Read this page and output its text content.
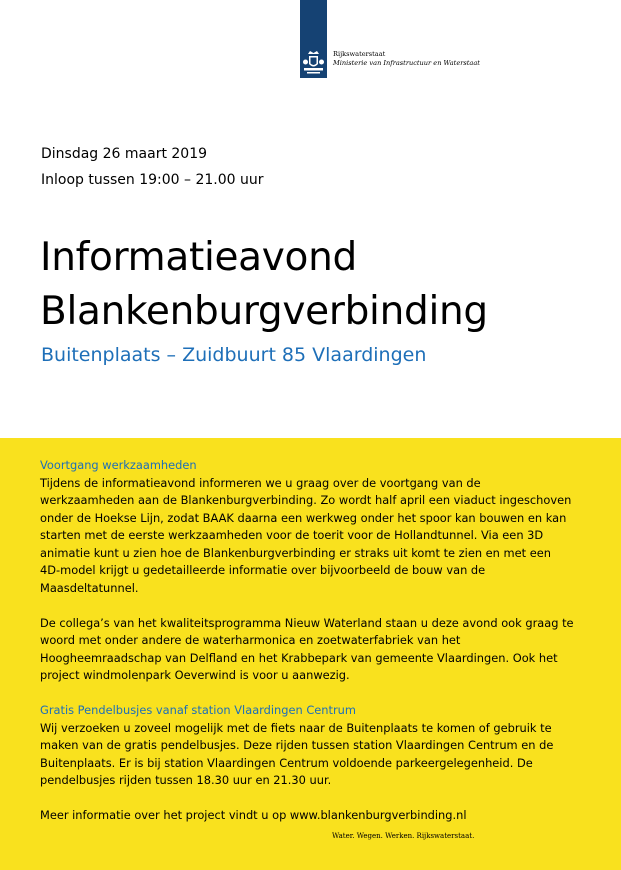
Rijkswaterstaat
Ministerie van Infrastructuur en Waterstaat
Dinsdag 26 maart 2019
Inloop tussen 19:00 – 21.00 uur
Informatieavond
Blankenburgverbinding
Buitenplaats – Zuidbuurt 85 Vlaardingen
Voortgang werkzaamheden
Tijdens de informatieavond informeren we u graag over de voortgang van de
werkzaamheden aan de Blankenburgverbinding. Zo wordt half april een viaduct ingeschoven
onder de Hoekse Lijn, zodat BAAK daarna een werkweg onder het spoor kan bouwen en kan
starten met de eerste werkzaamheden voor de toerit voor de Hollandtunnel. Via een 3D
animatie kunt u zien hoe de Blankenburgverbinding er straks uit komt te zien en met een
4D-model krijgt u gedetailleerde informatie over bijvoorbeeld de bouw van de
Maasdeltatunnel.
De collega’s van het kwaliteitsprogramma Nieuw Waterland staan u deze avond ook graag te
woord met onder andere de waterharmonica en zoetwaterfabriek van het
Hoogheemraadschap van Delfland en het Krabbepark van gemeente Vlaardingen. Ook het
project windmolenpark Oeverwind is voor u aanwezig.
Gratis Pendelbusjes vanaf station Vlaardingen Centrum
Wij verzoeken u zoveel mogelijk met de fiets naar de Buitenplaats te komen of gebruik te
maken van de gratis pendelbusjes. Deze rijden tussen station Vlaardingen Centrum en de
Buitenplaats. Er is bij station Vlaardingen Centrum voldoende parkeergelegenheid. De
pendelbusjes rijden tussen 18.30 uur en 21.30 uur.
Meer informatie over het project vindt u op www.blankenburgverbinding.nl
Water. Wegen. Werken. Rijkswaterstaat.
